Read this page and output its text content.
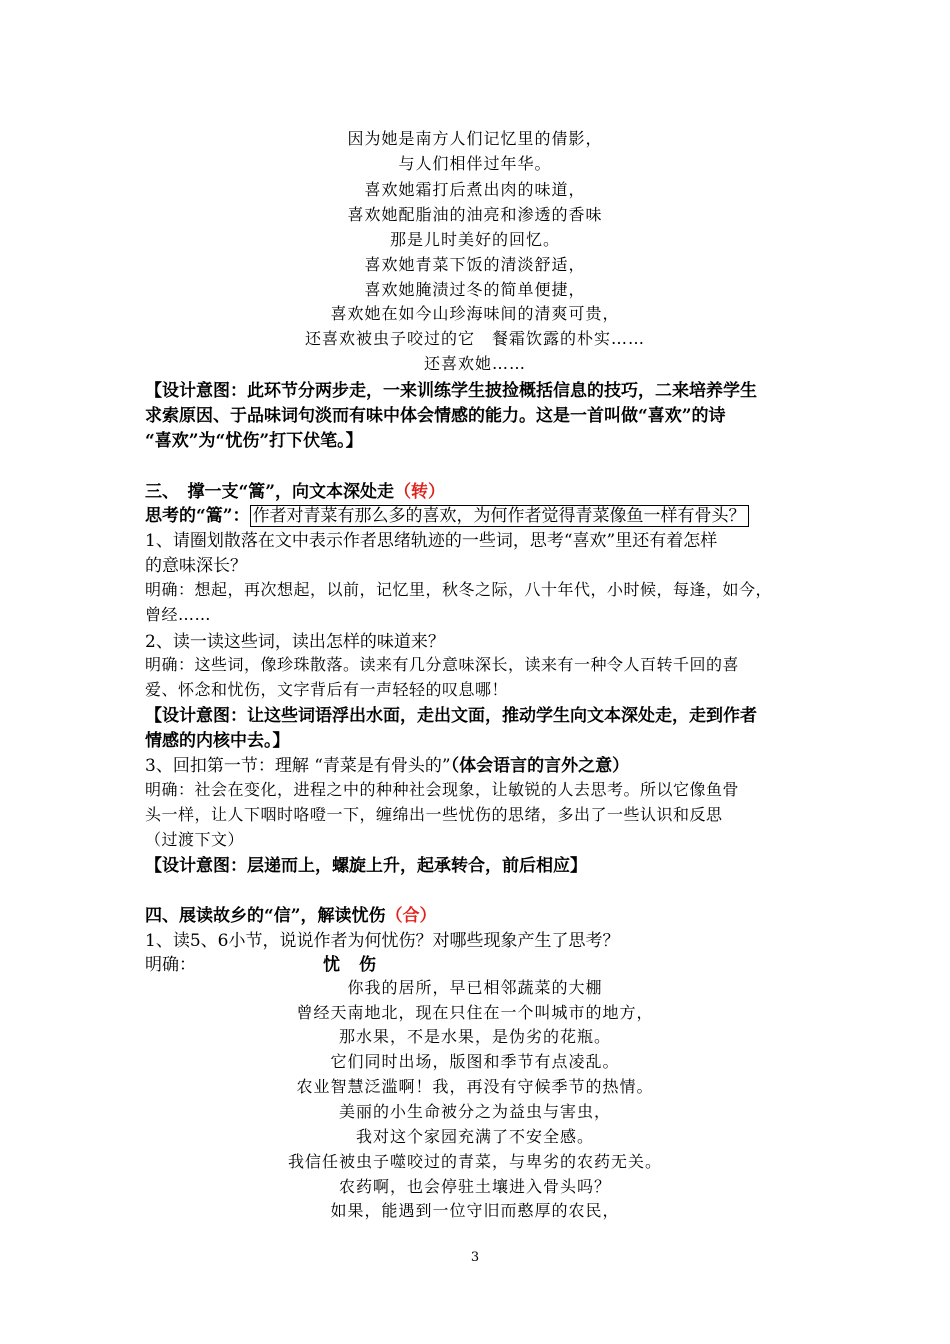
因为她是南方人们记忆里的倩影，
与人们相伴过年华。
喜欢她霜打后煮出肉的味道，
喜欢她配脂油的油亮和渗透的香味
那是儿时美好的回忆。
喜欢她青菜下饭的清淡舒适，
喜欢她腌渍过冬的简单便捷，
喜欢她在如今山珍海味间的清爽可贵，
还喜欢被虫子咬过的它　餐霜饮露的朴实……
还喜欢她……
【设计意图：此环节分两步走，一来训练学生披捡概括信息的技巧，二来培养学生
求索原因、于品味词句淡而有味中体会情感的能力。这是一首叫做“喜欢”的诗
“喜欢”为“忧伤”打下伏笔。】
三、　撑一支“篙”，向文本深处走（转）
思考的“篙”： 作者对青菜有那么多的喜欢，为何作者觉得青菜像鱼一样有骨头？
1、请圈划散落在文中表示作者思绪轨迹的一些词，思考“喜欢”里还有着怎样
的意味深长？
明确：想起，再次想起，以前，记忆里，秋冬之际，八十年代，小时候，每逢，如今，
曾经……
2、读一读这些词，读出怎样的味道来？
明确：这些词，像珍珠散落。读来有几分意味深长，读来有一种令人百转千回的喜
爱、怀念和忧伤，文字背后有一声轻轻的叹息哪！
【设计意图：让这些词语浮出水面，走出文面，推动学生向文本深处走，走到作者
情感的内核中去。】
3、回扣第一节：理解 “青菜是有骨头的”（体会语言的言外之意）
明确：社会在变化，进程之中的种种社会现象，让敏锐的人去思考。所以它像鱼骨
头一样，让人下咽时咯噔一下，缠绵出一些忧伤的思绪，多出了一些认识和反思
（过渡下文）
【设计意图：层递而上，螺旋上升，起承转合，前后相应】
四、展读故乡的“信”，解读忧伤（合）
1、读5、6小节，说说作者为何忧伤？对哪些现象产生了思考？
明确：	忧　伤
你我的居所，早已相邻蔬菜的大棚
曾经天南地北，现在只住在一个叫城市的地方，
那水果，不是水果，是伪劣的花瓶。
它们同时出场，版图和季节有点凌乱。
农业智慧泛滥啊！我，再没有守候季节的热情。
美丽的小生命被分之为益虫与害虫，
我对这个家园充满了不安全感。
我信任被虫子噬咬过的青菜，与卑劣的农药无关。
农药啊，也会停驻土壤进入骨头吗？
如果，能遇到一位守旧而憨厚的农民，
3
